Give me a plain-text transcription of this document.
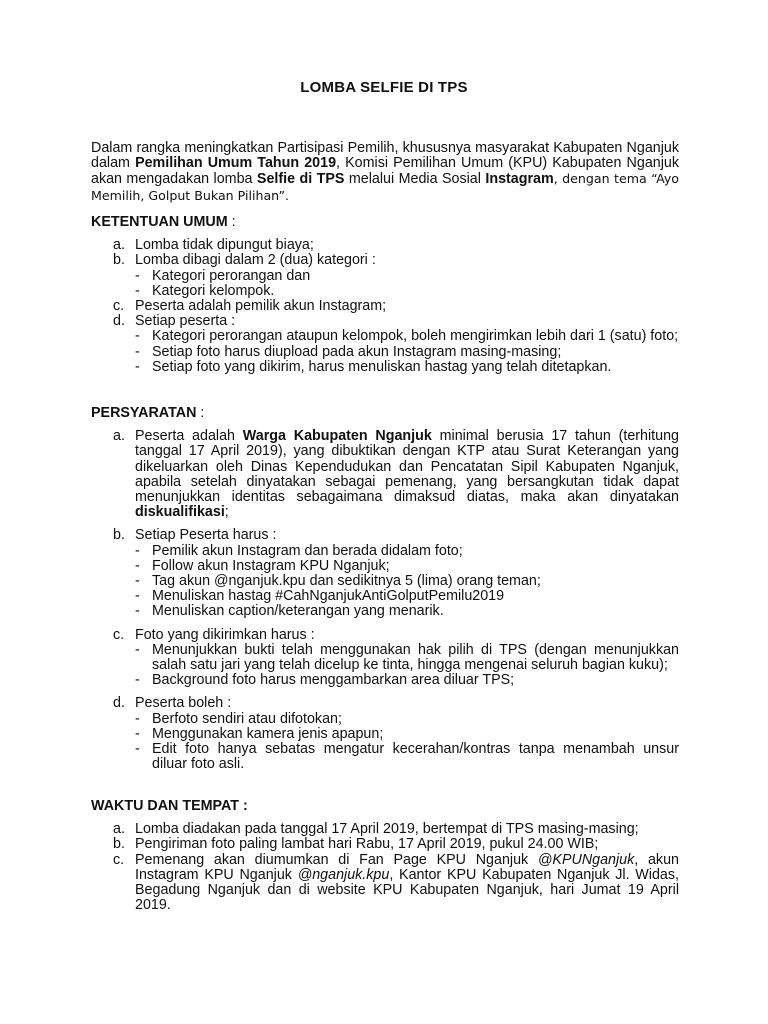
LOMBA SELFIE DI TPS

Dalam rangka meningkatkan Partisipasi Pemilih, khususnya masyarakat Kabupaten Nganjuk dalam Pemilihan Umum Tahun 2019, Komisi Pemilihan Umum (KPU) Kabupaten Nganjuk akan mengadakan lomba Selfie di TPS melalui Media Sosial Instagram, dengan tema “Ayo Memilih, Golput Bukan Pilihan”.

KETENTUAN UMUM :
a. Lomba tidak dipungut biaya;
b. Lomba dibagi dalam 2 (dua) kategori :
- Kategori perorangan dan
- Kategori kelompok.
c. Peserta adalah pemilik akun Instagram;
d. Setiap peserta :
- Kategori perorangan ataupun kelompok, boleh mengirimkan lebih dari 1 (satu) foto;
- Setiap foto harus diupload pada akun Instagram masing-masing;
- Setiap foto yang dikirim, harus menuliskan hastag yang telah ditetapkan.
PERSYARATAN :
a. Peserta adalah Warga Kabupaten Nganjuk minimal berusia 17 tahun (terhitung tanggal 17 April 2019), yang dibuktikan dengan KTP atau Surat Keterangan yang dikeluarkan oleh Dinas Kependudukan dan Pencatatan Sipil Kabupaten Nganjuk, apabila setelah dinyatakan sebagai pemenang, yang bersangkutan tidak dapat menunjukkan identitas sebagaimana dimaksud diatas, maka akan dinyatakan diskualifikasi;
b. Setiap Peserta harus :
- Pemilik akun Instagram dan berada didalam foto;
- Follow akun Instagram KPU Nganjuk;
- Tag akun @nganjuk.kpu dan sedikitnya 5 (lima) orang teman;
- Menuliskan hastag #CahNganjukAntiGolputPemilu2019
- Menuliskan caption/keterangan yang menarik.
c. Foto yang dikirimkan harus :
- Menunjukkan bukti telah menggunakan hak pilih di TPS (dengan menunjukkan salah satu jari yang telah dicelup ke tinta, hingga mengenai seluruh bagian kuku);
- Background foto harus menggambarkan area diluar TPS;
d. Peserta boleh :
- Berfoto sendiri atau difotokan;
- Menggunakan kamera jenis apapun;
- Edit foto hanya sebatas mengatur kecerahan/kontras tanpa menambah unsur diluar foto asli.
WAKTU DAN TEMPAT :
a. Lomba diadakan pada tanggal 17 April 2019, bertempat di TPS masing-masing;
b. Pengiriman foto paling lambat hari Rabu, 17 April 2019, pukul 24.00 WIB;
c. Pemenang akan diumumkan di Fan Page KPU Nganjuk @KPUNganjuk, akun Instagram KPU Nganjuk @nganjuk.kpu, Kantor KPU Kabupaten Nganjuk Jl. Widas, Begadung Nganjuk dan di website KPU Kabupaten Nganjuk, hari Jumat 19 April 2019.
